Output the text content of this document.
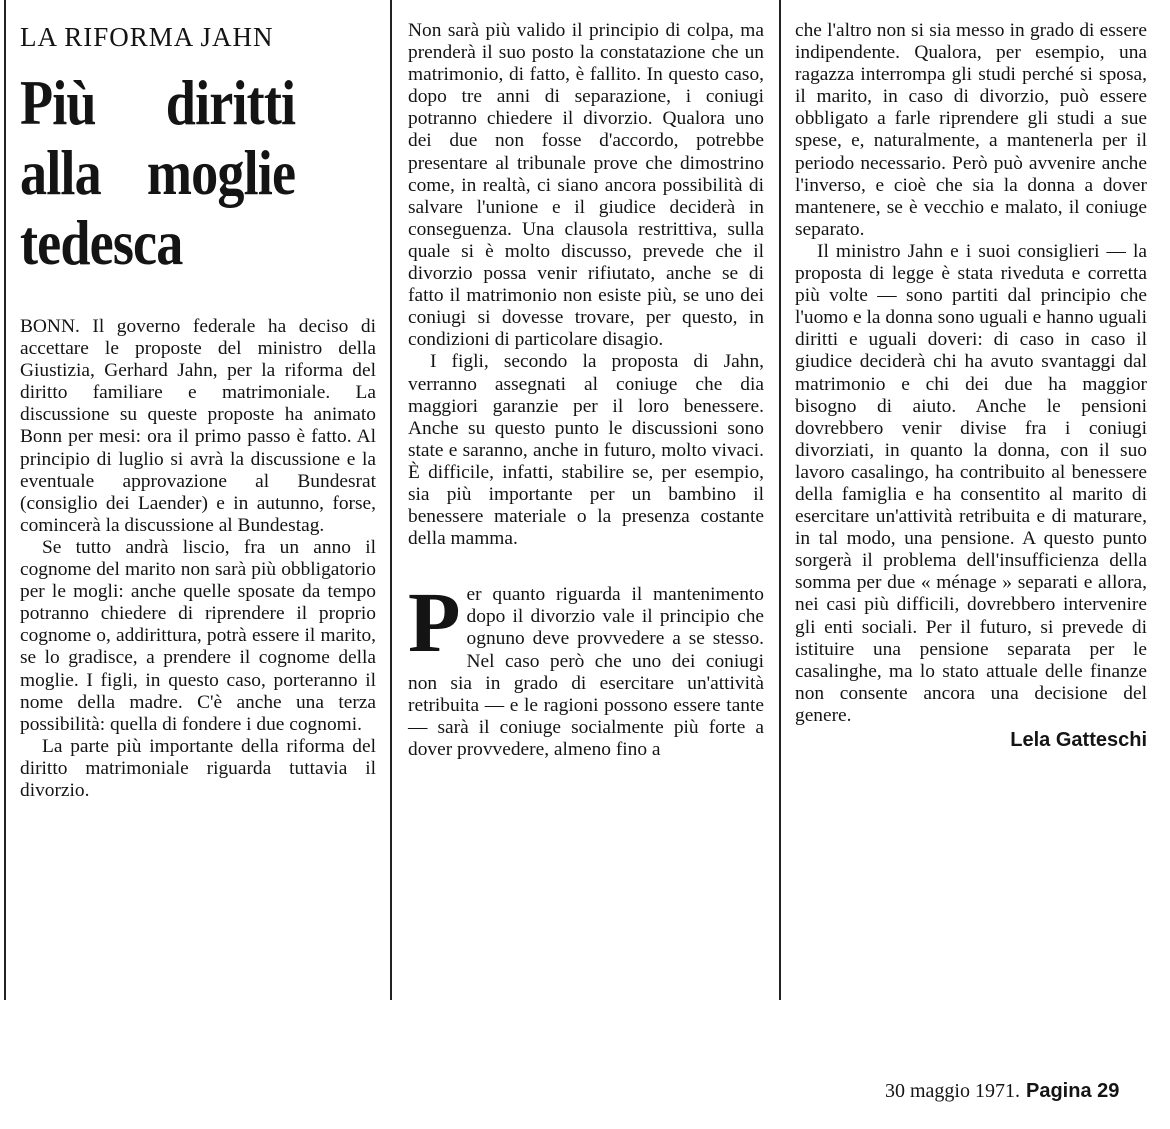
LA RIFORMA JAHN
Più diritti alla moglie tedesca

BONN. Il governo federale ha deciso di accettare le proposte del ministro della Giustizia, Gerhard Jahn, per la riforma del diritto familiare e matrimoniale. La discussione su queste proposte ha animato Bonn per mesi: ora il primo passo è fatto. Al principio di luglio si avrà la discussione e la eventuale approvazione al Bundesrat (consiglio dei Laender) e in autunno, forse, comincerà la discussione al Bundestag.

Se tutto andrà liscio, fra un anno il cognome del marito non sarà più obbligatorio per le mogli: anche quelle sposate da tempo potranno chiedere di riprendere il proprio cognome o, addirittura, potrà essere il marito, se lo gradisce, a prendere il cognome della moglie. I figli, in questo caso, porteranno il nome della madre. C'è anche una terza possibilità: quella di fondere i due cognomi.

La parte più importante della riforma del diritto matrimoniale riguarda tuttavia il divorzio.

Non sarà più valido il principio di colpa, ma prenderà il suo posto la constatazione che un matrimonio, di fatto, è fallito. In questo caso, dopo tre anni di separazione, i coniugi potranno chiedere il divorzio. Qualora uno dei due non fosse d'accordo, potrebbe presentare al tribunale prove che dimostrino come, in realtà, ci siano ancora possibilità di salvare l'unione e il giudice deciderà in conseguenza. Una clausola restrittiva, sulla quale si è molto discusso, prevede che il divorzio possa venir rifiutato, anche se di fatto il matrimonio non esiste più, se uno dei coniugi si dovesse trovare, per questo, in condizioni di particolare disagio.

I figli, secondo la proposta di Jahn, verranno assegnati al coniuge che dia maggiori garanzie per il loro benessere. Anche su questo punto le discussioni sono state e saranno, anche in futuro, molto vivaci. È difficile, infatti, stabilire se, per esempio, sia più importante per un bambino il benessere materiale o la presenza costante della mamma.

Per quanto riguarda il mantenimento dopo il divorzio vale il principio che ognuno deve provvedere a se stesso. Nel caso però che uno dei coniugi non sia in grado di esercitare un'attività retribuita — e le ragioni possono essere tante — sarà il coniuge socialmente più forte a dover provvedere, almeno fino a

che l'altro non si sia messo in grado di essere indipendente. Qualora, per esempio, una ragazza interrompa gli studi perché si sposa, il marito, in caso di divorzio, può essere obbligato a farle riprendere gli studi a sue spese, e, naturalmente, a mantenerla per il periodo necessario. Però può avvenire anche l'inverso, e cioè che sia la donna a dover mantenere, se è vecchio e malato, il coniuge separato.

Il ministro Jahn e i suoi consiglieri — la proposta di legge è stata riveduta e corretta più volte — sono partiti dal principio che l'uomo e la donna sono uguali e hanno uguali diritti e uguali doveri: di caso in caso il giudice deciderà chi ha avuto svantaggi dal matrimonio e chi dei due ha maggior bisogno di aiuto. Anche le pensioni dovrebbero venir divise fra i coniugi divorziati, in quanto la donna, con il suo lavoro casalingo, ha contribuito al benessere della famiglia e ha consentito al marito di esercitare un'attività retribuita e di maturare, in tal modo, una pensione. A questo punto sorgerà il problema dell'insufficienza della somma per due « ménage » separati e allora, nei casi più difficili, dovrebbero intervenire gli enti sociali. Per il futuro, si prevede di istituire una pensione separata per le casalinghe, ma lo stato attuale delle finanze non consente ancora una decisione del genere.

Lela Gatteschi
30 maggio 1971. Pagina 29
